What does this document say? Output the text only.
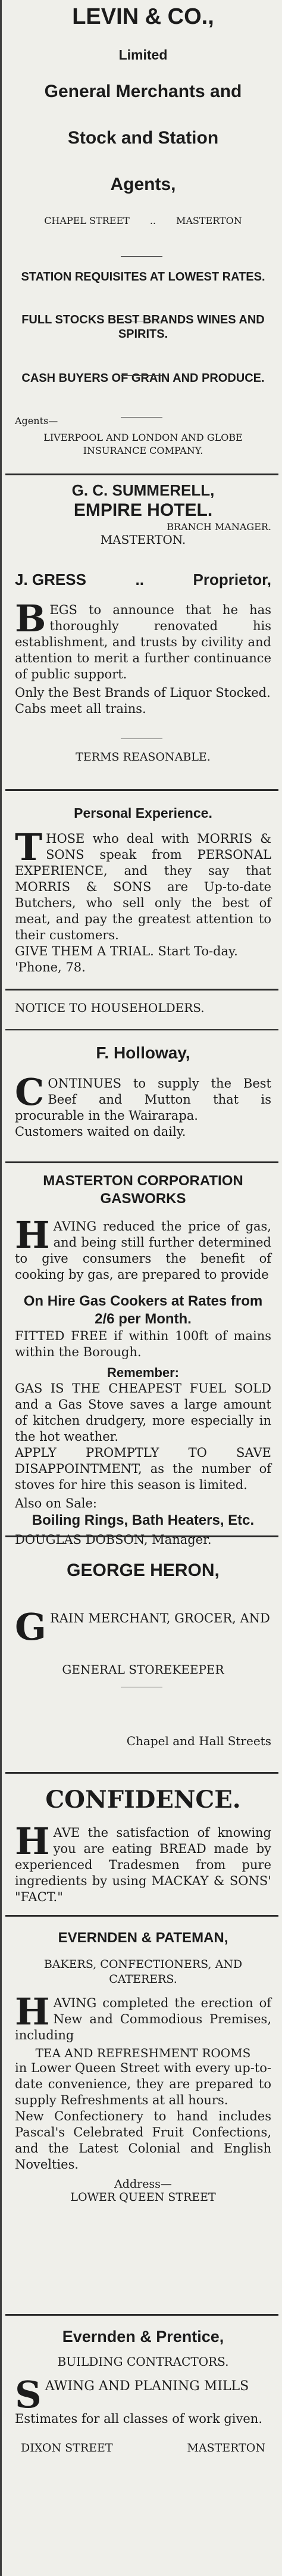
LEVIN & CO.,
Limited
General Merchants and
Stock and Station
Agents,
CHAPEL STREET .. MASTERTON
STATION REQUISITES AT LOWEST RATES.
FULL STOCKS BEST BRANDS WINES AND SPIRITS.
CASH BUYERS OF GRAIN AND PRODUCE.
Agents—
LIVERPOOL AND LONDON AND GLOBE INSURANCE COMPANY.
G. C. SUMMERELL,
BRANCH MANAGER.
EMPIRE HOTEL.
MASTERTON.
J. GRESS	..	Proprietor,
B EGS to announce that he has thoroughly renovated his establishment, and trusts by civility and attention to merit a further continuance of public support.
Only the Best Brands of Liquor Stocked.
Cabs meet all trains.
TERMS REASONABLE.
Personal Experience.
T HOSE who deal with MORRIS & SONS speak from PERSONAL EXPERIENCE, and they say that MORRIS & SONS are Up-to-date Butchers, who sell only the best of meat, and pay the greatest attention to their customers.
GIVE THEM A TRIAL. Start To-day.
'Phone, 78.
NOTICE TO HOUSEHOLDERS.
F. Holloway,
C ONTINUES to supply the Best Beef and Mutton that is procurable in the Wairarapa.
Customers waited on daily.
MASTERTON CORPORATION GASWORKS
H AVING reduced the price of gas, and being still further determined to give consumers the benefit of cooking by gas, are prepared to provide
On Hire Gas Cookers at Rates from 2/6 per Month.
FITTED FREE if within 100ft of mains within the Borough.
Remember:
GAS IS THE CHEAPEST FUEL SOLD and a Gas Stove saves a large amount of kitchen drudgery, more especially in the hot weather.
APPLY PROMPTLY TO SAVE DISAPPOINTMENT, as the number of stoves for hire this season is limited.
Also on Sale:
Boiling Rings, Bath Heaters, Etc.
DOUGLAS DOBSON, Manager.
GEORGE HERON,
G RAIN MERCHANT, GROCER, AND
GENERAL STOREKEEPER
Chapel and Hall Streets
CONFIDENCE.
H AVE the satisfaction of knowing you are eating BREAD made by experienced Tradesmen from pure ingredients by using MACKAY & SONS' "FACT."
EVERNDEN & PATEMAN,
BAKERS, CONFECTIONERS, AND CATERERS.
H AVING completed the erection of New and Commodious Premises, including
TEA AND REFRESHMENT ROOMS
in Lower Queen Street with every up-to-date convenience, they are prepared to supply Refreshments at all hours.
New Confectionery to hand includes Pascal's Celebrated Fruit Confections, and the Latest Colonial and English Novelties.
Address—
LOWER QUEEN STREET
Evernden & Prentice,
BUILDING CONTRACTORS.
S AWING AND PLANING MILLS
Estimates for all classes of work given.
DIXON STREET	MASTERTON
